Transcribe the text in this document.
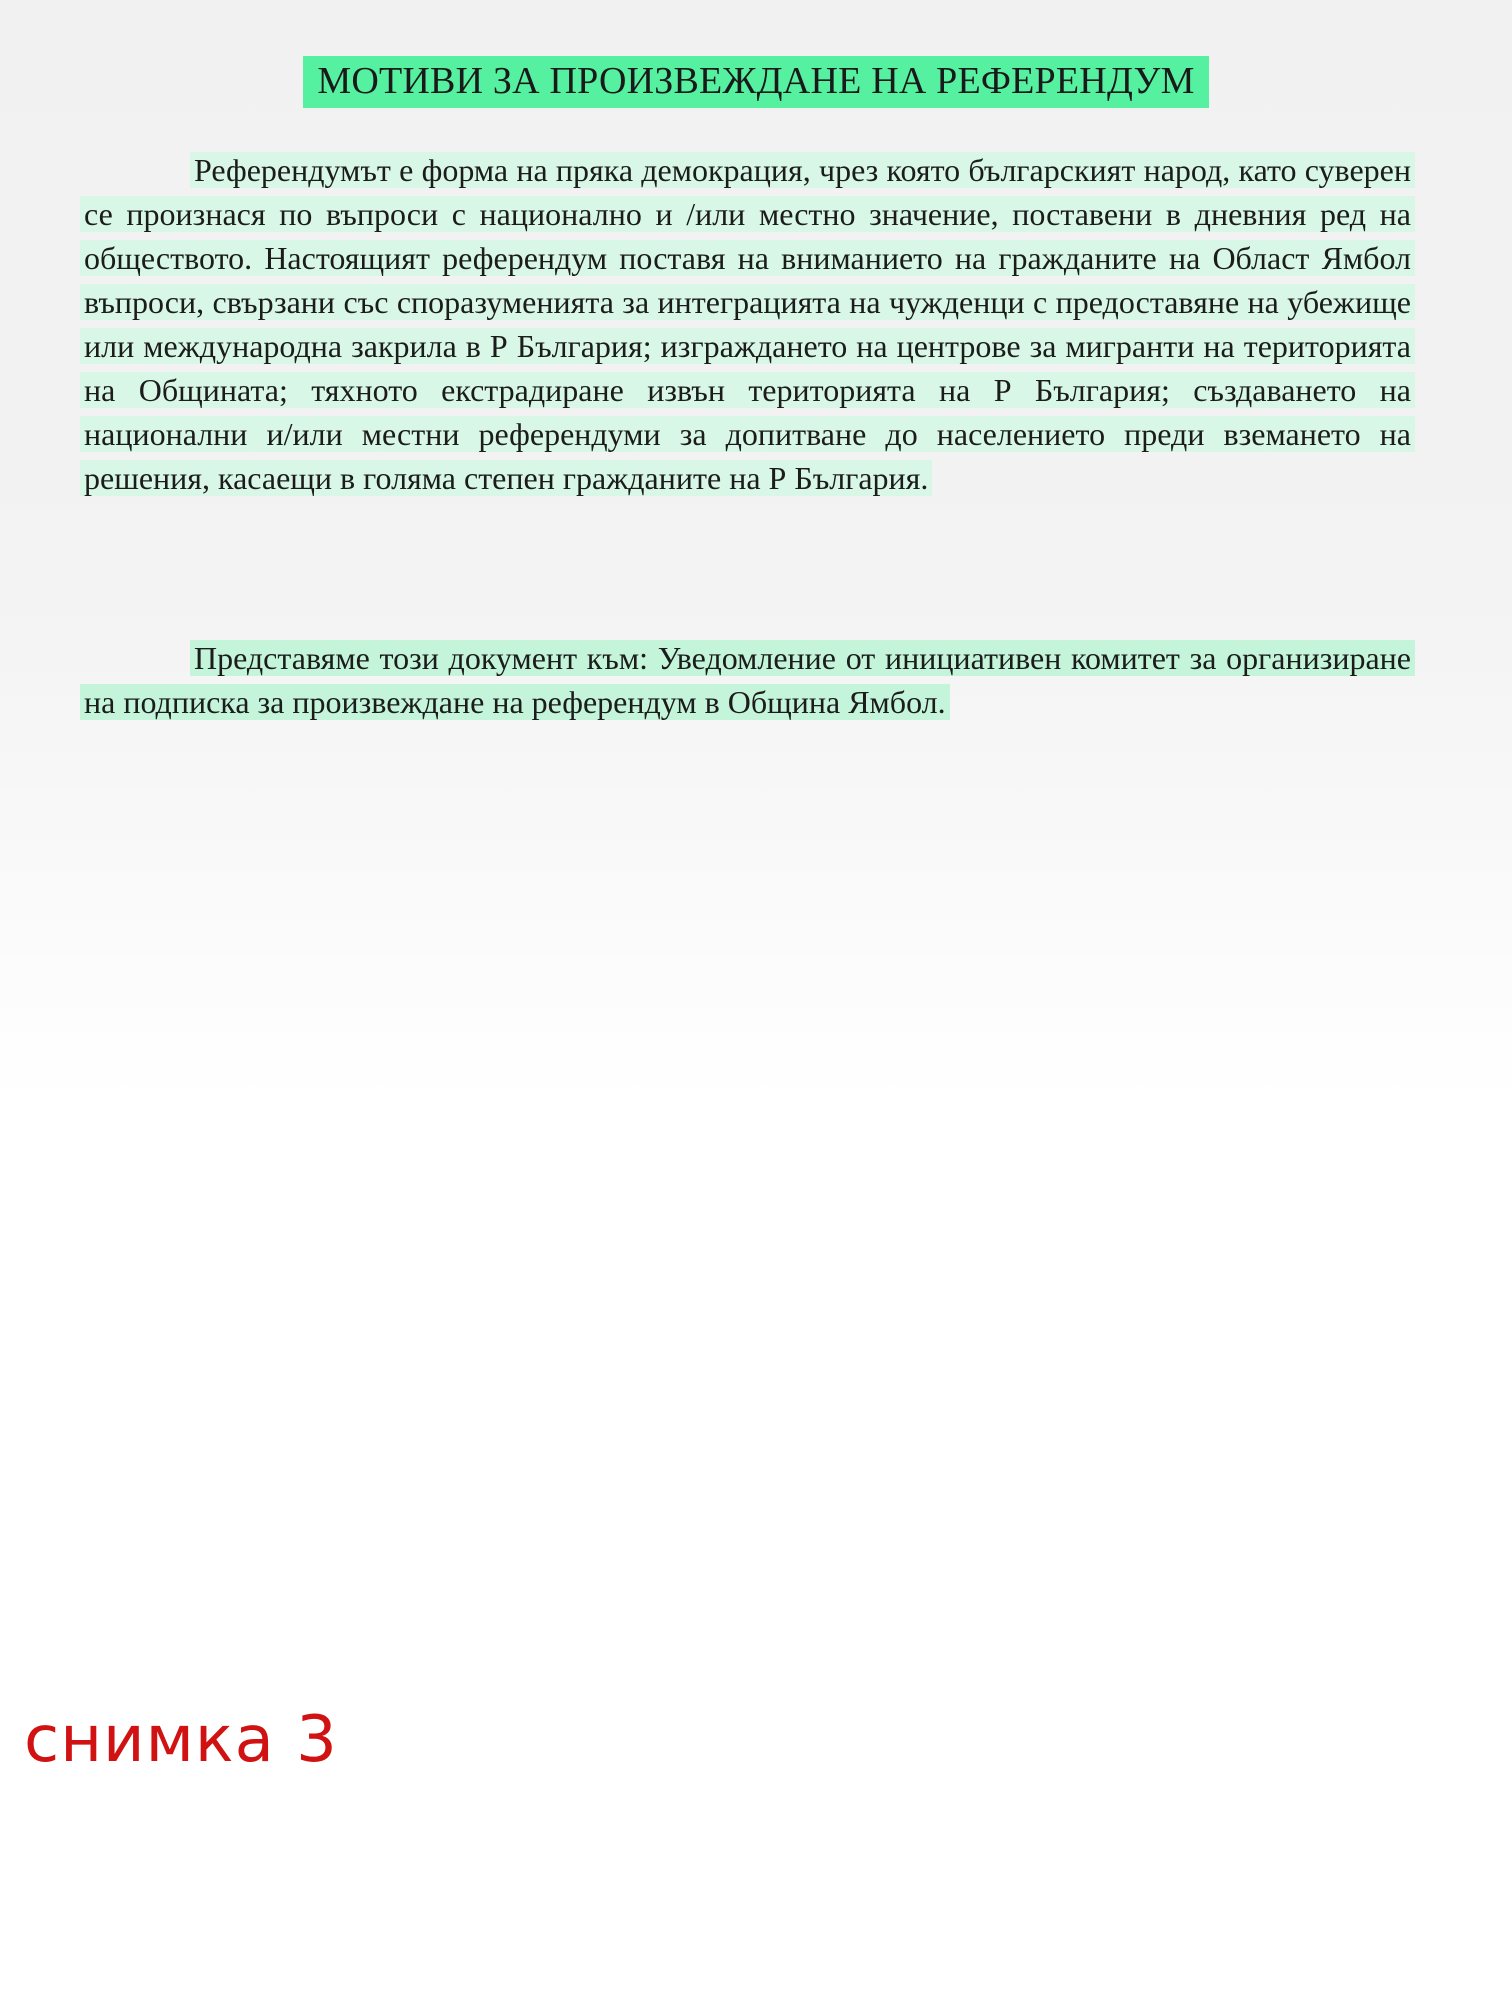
МОТИВИ ЗА ПРОИЗВЕЖДАНЕ НА РЕФЕРЕНДУМ

Референдумът е форма на пряка демокрация, чрез която българският народ, като суверен се произнася по въпроси с национално и /или местно значение, поставени в дневния ред на обществото. Настоящият референдум поставя на вниманието на гражданите на Област Ямбол въпроси, свързани със споразуменията за интеграцията на чужденци с предоставяне на убежище или международна закрила в Р България; изграждането на центрове за мигранти на територията на Общината; тяхното екстрадиране извън територията на Р България; създаването на национални и/или местни референдуми за допитване до населението преди вземането на решения, касаещи в голяма степен гражданите на Р България.

Представяме този документ към: Уведомление от инициативен комитет за организиране на подписка за произвеждане на референдум в Община Ямбол.

снимка 3
